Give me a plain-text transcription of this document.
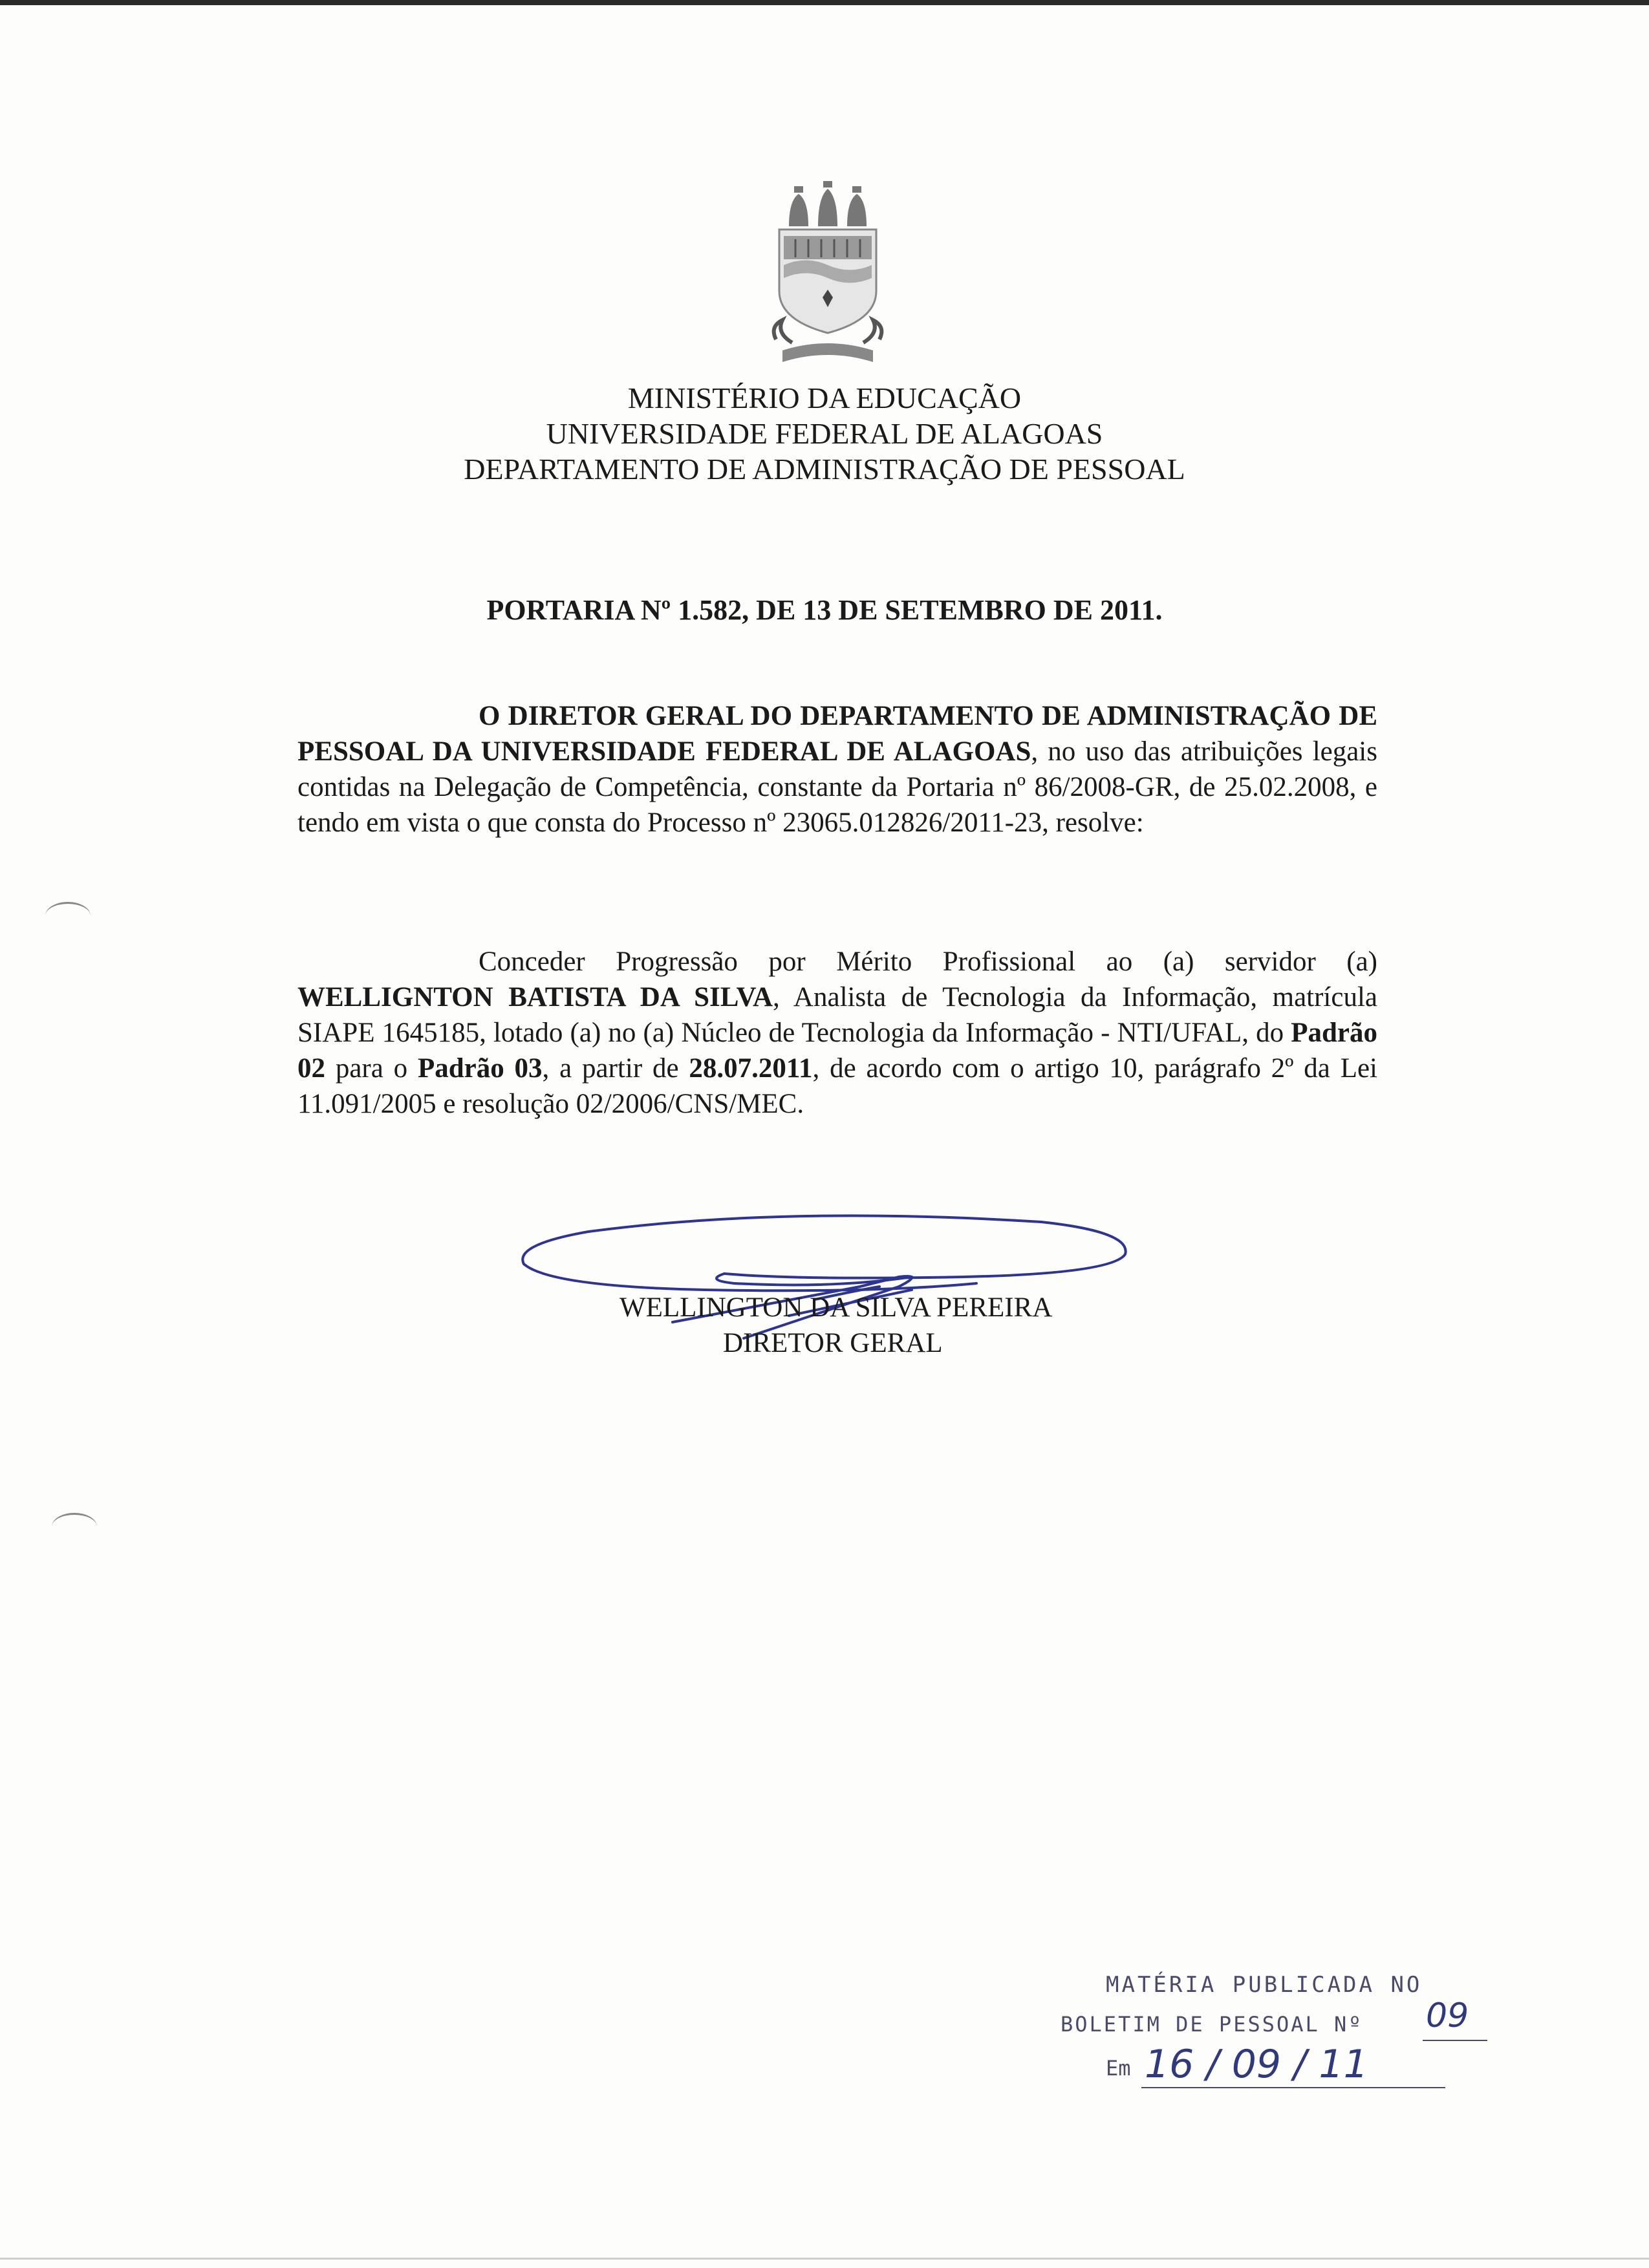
MINISTÉRIO DA EDUCAÇÃO
UNIVERSIDADE FEDERAL DE ALAGOAS
DEPARTAMENTO DE ADMINISTRAÇÃO DE PESSOAL
PORTARIA Nº 1.582, DE 13 DE SETEMBRO DE 2011.
O DIRETOR GERAL DO DEPARTAMENTO DE ADMINISTRAÇÃO DE PESSOAL DA UNIVERSIDADE FEDERAL DE ALAGOAS, no uso das atribuições legais contidas na Delegação de Competência, constante da Portaria nº 86/2008-GR, de 25.02.2008, e tendo em vista o que consta do Processo nº 23065.012826/2011-23, resolve:
Conceder Progressão por Mérito Profissional ao (a) servidor (a) WELLIGNTON BATISTA DA SILVA, Analista de Tecnologia da Informação, matrícula SIAPE 1645185, lotado (a) no (a) Núcleo de Tecnologia da Informação - NTI/UFAL, do Padrão 02 para o Padrão 03, a partir de 28.07.2011, de acordo com o artigo 10, parágrafo 2º da Lei 11.091/2005 e resolução 02/2006/CNS/MEC.
WELLINGTON DA SILVA PEREIRA
DIRETOR GERAL
MATÉRIA PUBLICADA NO
BOLETIM DE PESSOAL Nº 09
Em 16 / 09 / 11
